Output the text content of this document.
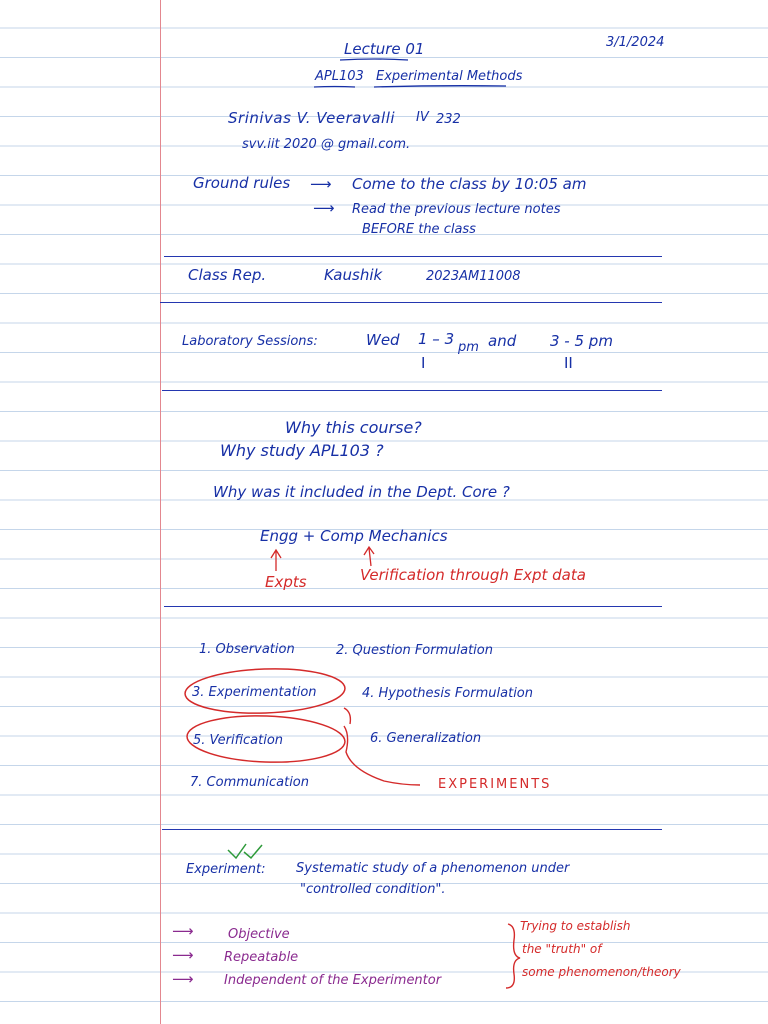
3/1/2024
Lecture 01
APL103 Experimental Methods
Srinivas V. Veeravalli IV 232
svv.iit 2020 @ gmail.com.
Ground rules ⟶ Come to the class by 10:05 am
⟶ Read the previous lecture notes
BEFORE the class
Class Rep.	Kaushik	2023AM11008
Laboratory Sessions:	Wed 1 – 3 pm and 3 - 5 pm
I	II
Why this course?
Why study APL103 ?
Why was it included in the Dept. Core ?
Engg + Comp Mechanics
Expts	Verification through Expt data
1. Observation	2. Question Formulation
3. Experimentation	4. Hypothesis Formulation
5. Verification	6. Generalization
7. Communication	EXPERIMENTS
Experiment: Systematic study of a phenomenon under
"controlled condition".
⟶	Objective
⟶ Repeatable
⟶ Independent of the Experimentor
Trying to establish
the "truth" of
some phenomenon/theory
